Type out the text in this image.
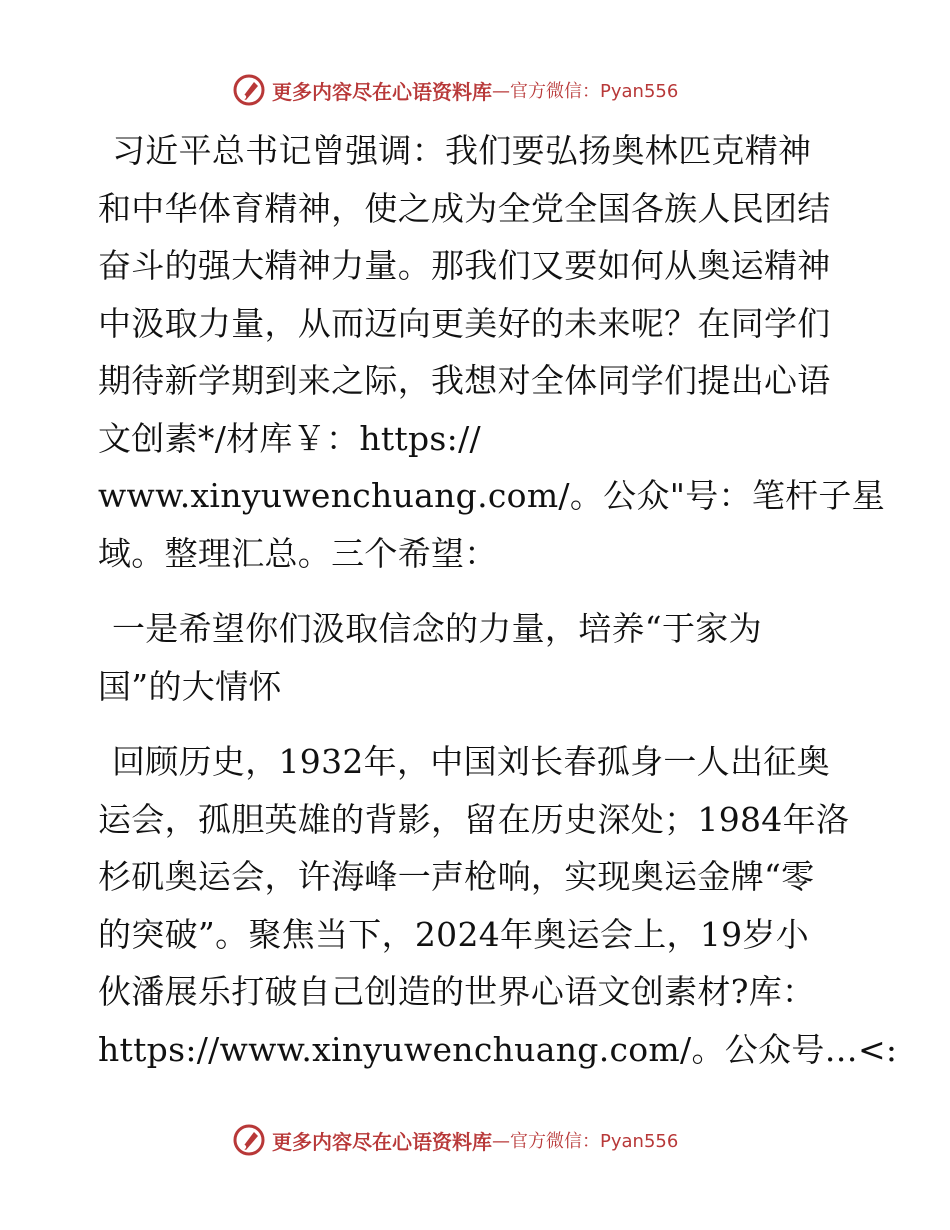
更多内容尽在心语资料库 —官方微信：Pyan556
习近平总书记曾强调：我们要弘扬奥林匹克精神
和中华体育精神，使之成为全党全国各族人民团结
奋斗的强大精神力量。那我们又要如何从奥运精神
中汲取力量，从而迈向更美好的未来呢？在同学们
期待新学期到来之际，我想对全体同学们提出心语
文创素*/材库￥：https://
www.xinyuwenchuang.com/。公众"号：笔杆子星
域。整理汇总。三个希望：
一是希望你们汲取信念的力量，培养“于家为
国”的大情怀
回顾历史，1932年，中国刘长春孤身一人出征奥
运会，孤胆英雄的背影，留在历史深处；1984年洛
杉矶奥运会，许海峰一声枪响，实现奥运金牌“零
的突破”。聚焦当下，2024年奥运会上，19岁小
伙潘展乐打破自己创造的世界心语文创素材?库：
https://www.xinyuwenchuang.com/。公众号…<:
更多内容尽在心语资料库 —官方微信：Pyan556
